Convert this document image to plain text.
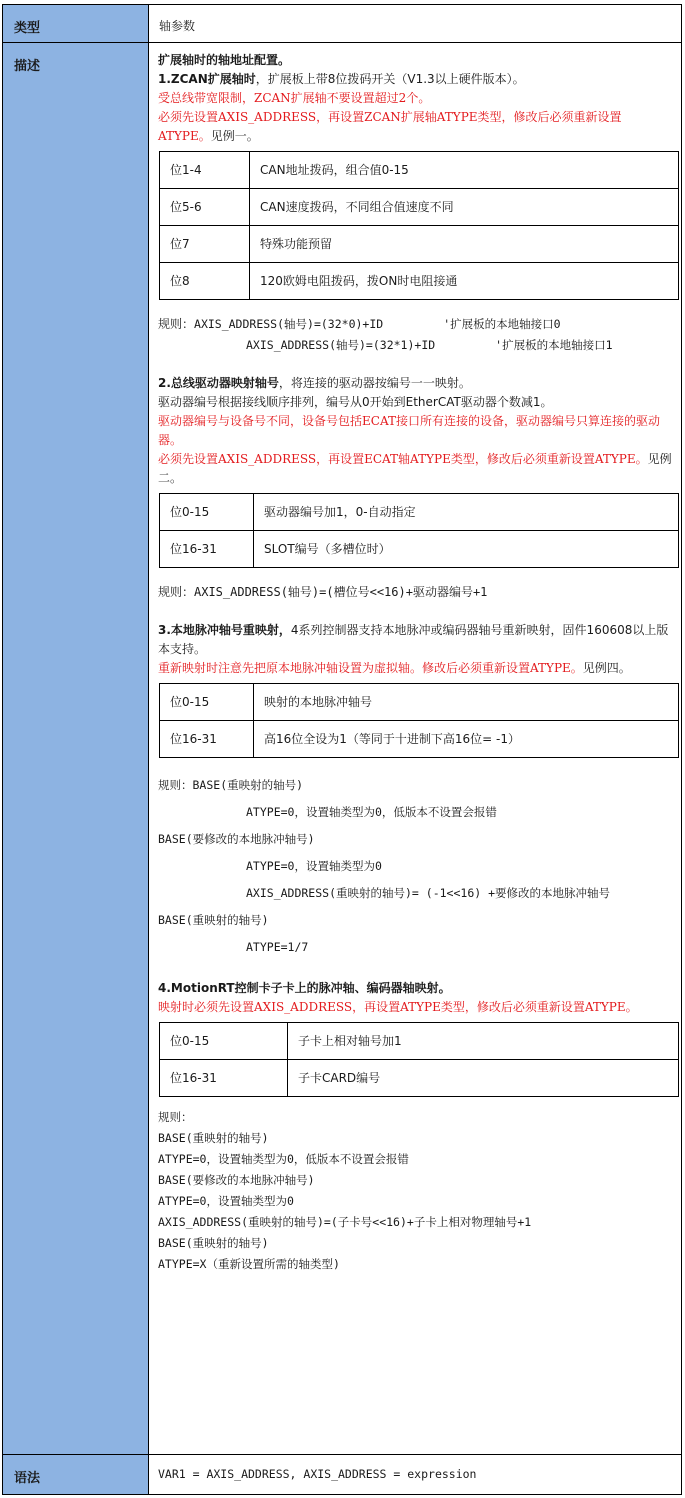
类型	轴参数
描述	扩展轴时的轴地址配置。

1.ZCAN扩展轴时，扩展板上带8位拨码开关（V1.3以上硬件版本）。

受总线带宽限制，ZCAN扩展轴不要设置超过2个。

必须先设置AXIS_ADDRESS，再设置ZCAN扩展轴ATYPE类型，修改后必须重新设置ATYPE。见例一。

位1-4	CAN地址拨码，组合值0-15
位5-6	CAN速度拨码，不同组合值速度不同
位7	特殊功能预留
位8	120欧姆电阻拨码，拨ON时电阻接通

规则：AXIS_ADDRESS(轴号)=(32*0)+ID	'扩展板的本地轴接口0

AXIS_ADDRESS(轴号)=(32*1)+ID	'扩展板的本地轴接口1

2.总线驱动器映射轴号，将连接的驱动器按编号一一映射。

驱动器编号根据接线顺序排列，编号从0开始到EtherCAT驱动器个数减1。

驱动器编号与设备号不同，设备号包括ECAT接口所有连接的设备，驱动器编号只算连接的驱动器。

必须先设置AXIS_ADDRESS，再设置ECAT轴ATYPE类型，修改后必须重新设置ATYPE。见例二。

位0-15	驱动器编号加1，0-自动指定
位16-31	SLOT编号（多槽位时）

规则：AXIS_ADDRESS(轴号)=(槽位号<<16)+驱动器编号+1

3.本地脉冲轴号重映射，4系列控制器支持本地脉冲或编码器轴号重新映射，固件160608以上版本支持。

重新映射时注意先把原本地脉冲轴设置为虚拟轴。修改后必须重新设置ATYPE。见例四。

位0-15	映射的本地脉冲轴号
位16-31	高16位全设为1（等同于十进制下高16位= -1）

规则：BASE(重映射的轴号)

ATYPE=0，设置轴类型为0，低版本不设置会报错

BASE(要修改的本地脉冲轴号)

ATYPE=0，设置轴类型为0

AXIS_ADDRESS(重映射的轴号)= (-1<<16) +要修改的本地脉冲轴号

BASE(重映射的轴号)

ATYPE=1/7

4.MotionRT控制卡子卡上的脉冲轴、编码器轴映射。

映射时必须先设置AXIS_ADDRESS，再设置ATYPE类型，修改后必须重新设置ATYPE。

位0-15	子卡上相对轴号加1
位16-31	子卡CARD编号

规则：

BASE(重映射的轴号)

ATYPE=0，设置轴类型为0，低版本不设置会报错

BASE(要修改的本地脉冲轴号)

ATYPE=0，设置轴类型为0

AXIS_ADDRESS(重映射的轴号)=(子卡号<<16)+子卡上相对物理轴号+1

BASE(重映射的轴号)

ATYPE=X（重新设置所需的轴类型)

语法	VAR1 = AXIS_ADDRESS, AXIS_ADDRESS = expression
